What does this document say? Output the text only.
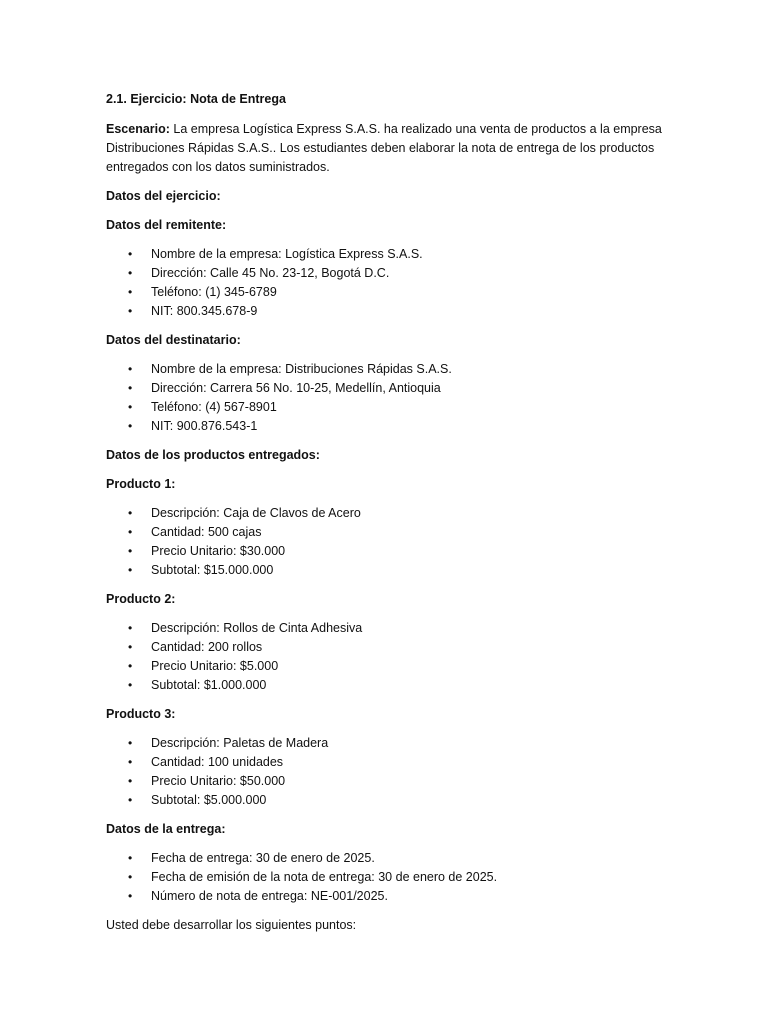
2.1. Ejercicio: Nota de Entrega

Escenario: La empresa Logística Express S.A.S. ha realizado una venta de productos a la empresa Distribuciones Rápidas S.A.S.. Los estudiantes deben elaborar la nota de entrega de los productos entregados con los datos suministrados.

Datos del ejercicio:

Datos del remitente:

• Nombre de la empresa: Logística Express S.A.S.
• Dirección: Calle 45 No. 23-12, Bogotá D.C.
• Teléfono: (1) 345-6789
• NIT: 800.345.678-9

Datos del destinatario:

• Nombre de la empresa: Distribuciones Rápidas S.A.S.
• Dirección: Carrera 56 No. 10-25, Medellín, Antioquia
• Teléfono: (4) 567-8901
• NIT: 900.876.543-1

Datos de los productos entregados:

Producto 1:

• Descripción: Caja de Clavos de Acero
• Cantidad: 500 cajas
• Precio Unitario: $30.000
• Subtotal: $15.000.000

Producto 2:

• Descripción: Rollos de Cinta Adhesiva
• Cantidad: 200 rollos
• Precio Unitario: $5.000
• Subtotal: $1.000.000

Producto 3:

• Descripción: Paletas de Madera
• Cantidad: 100 unidades
• Precio Unitario: $50.000
• Subtotal: $5.000.000

Datos de la entrega:

• Fecha de entrega: 30 de enero de 2025.
• Fecha de emisión de la nota de entrega: 30 de enero de 2025.
• Número de nota de entrega: NE-001/2025.

Usted debe desarrollar los siguientes puntos:
